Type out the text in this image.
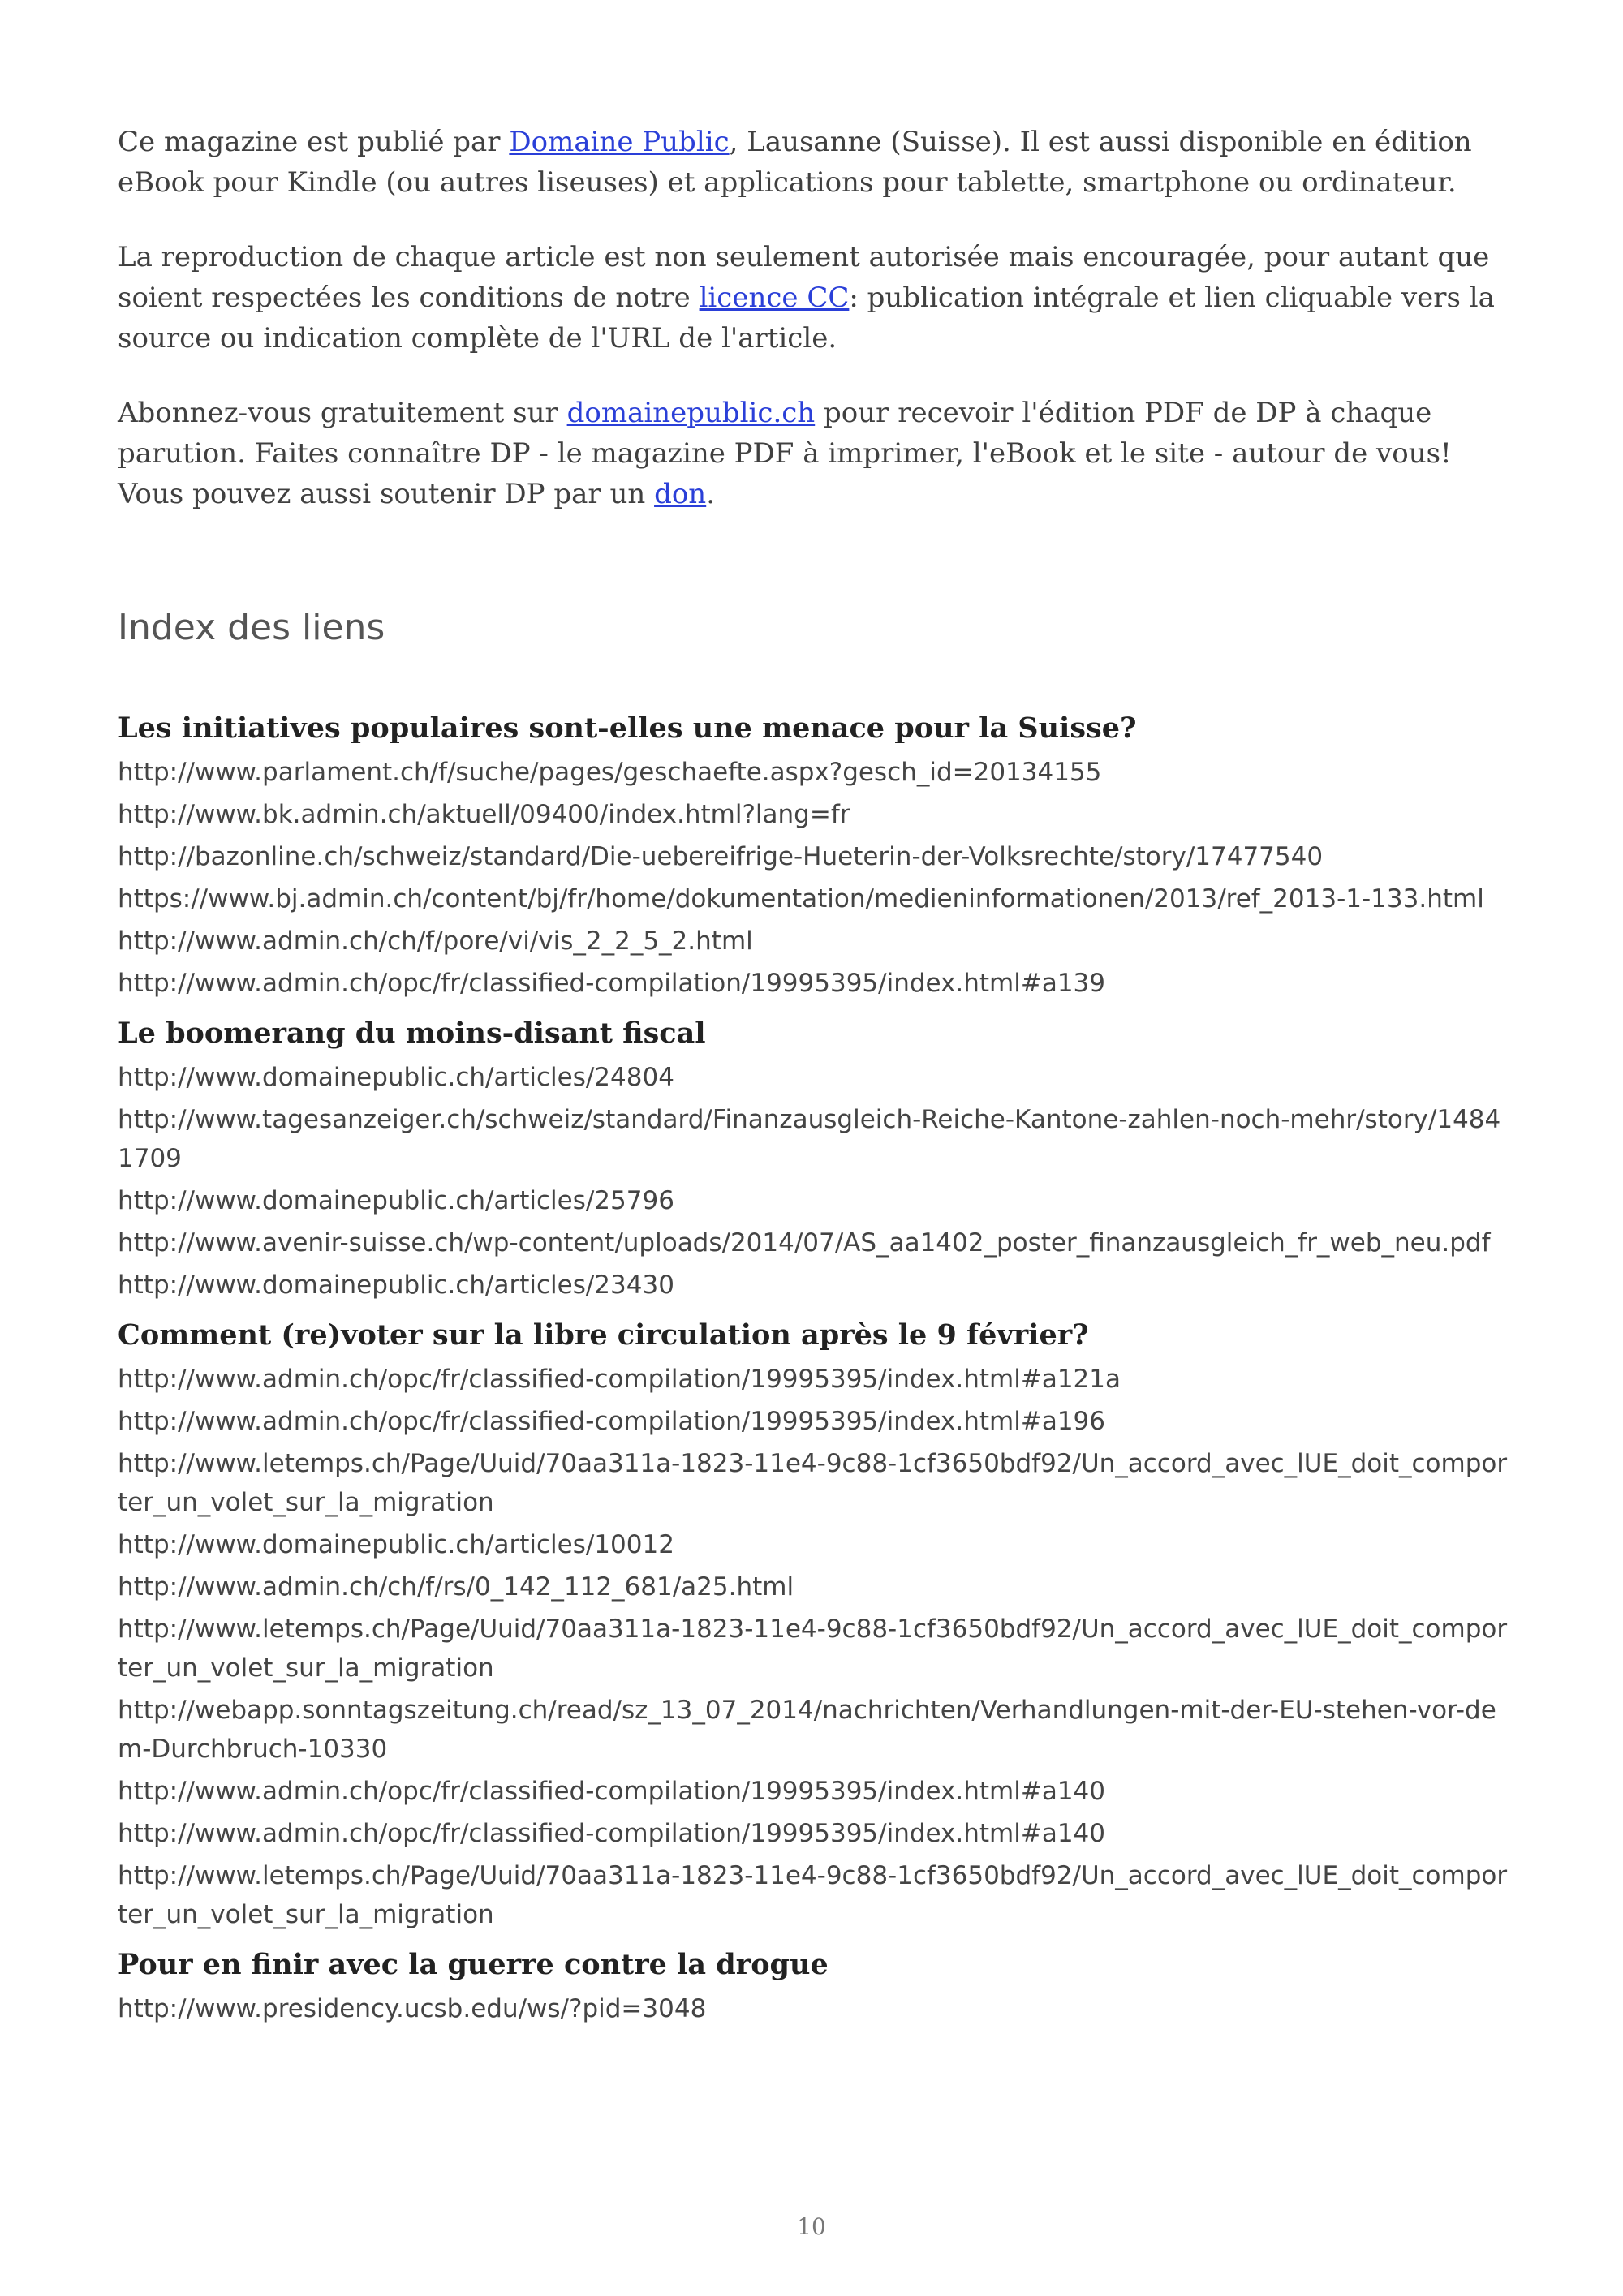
Ce magazine est publié par Domaine Public, Lausanne (Suisse). Il est aussi disponible en édition eBook pour Kindle (ou autres liseuses) et applications pour tablette, smartphone ou ordinateur.

La reproduction de chaque article est non seulement autorisée mais encouragée, pour autant que soient respectées les conditions de notre licence CC: publication intégrale et lien cliquable vers la source ou indication complète de l'URL de l'article.

Abonnez-vous gratuitement sur domainepublic.ch pour recevoir l'édition PDF de DP à chaque parution. Faites connaître DP - le magazine PDF à imprimer, l'eBook et le site - autour de vous! Vous pouvez aussi soutenir DP par un don.

Index des liens
Les initiatives populaires sont-elles une menace pour la Suisse?
http://www.parlament.ch/f/suche/pages/geschaefte.aspx?gesch_id=20134155
http://www.bk.admin.ch/aktuell/09400/index.html?lang=fr
http://bazonline.ch/schweiz/standard/Die-uebereifrige-Hueterin-der-Volksrechte/story/17477540
https://www.bj.admin.ch/content/bj/fr/home/dokumentation/medieninformationen/2013/ref_2013-1-133.html
http://www.admin.ch/ch/f/pore/vi/vis_2_2_5_2.html
http://www.admin.ch/opc/fr/classified-compilation/19995395/index.html#a139
Le boomerang du moins-disant fiscal
http://www.domainepublic.ch/articles/24804
http://www.tagesanzeiger.ch/schweiz/standard/Finanzausgleich-Reiche-Kantone-zahlen-noch-mehr/story/14841709
http://www.domainepublic.ch/articles/25796
http://www.avenir-suisse.ch/wp-content/uploads/2014/07/AS_aa1402_poster_finanzausgleich_fr_web_neu.pdf
http://www.domainepublic.ch/articles/23430
Comment (re)voter sur la libre circulation après le 9 février?
http://www.admin.ch/opc/fr/classified-compilation/19995395/index.html#a121a
http://www.admin.ch/opc/fr/classified-compilation/19995395/index.html#a196
http://www.letemps.ch/Page/Uuid/70aa311a-1823-11e4-9c88-1cf3650bdf92/Un_accord_avec_lUE_doit_comporter_un_volet_sur_la_migration
http://www.domainepublic.ch/articles/10012
http://www.admin.ch/ch/f/rs/0_142_112_681/a25.html
http://www.letemps.ch/Page/Uuid/70aa311a-1823-11e4-9c88-1cf3650bdf92/Un_accord_avec_lUE_doit_comporter_un_volet_sur_la_migration
http://webapp.sonntagszeitung.ch/read/sz_13_07_2014/nachrichten/Verhandlungen-mit-der-EU-stehen-vor-dem-Durchbruch-10330
http://www.admin.ch/opc/fr/classified-compilation/19995395/index.html#a140
http://www.admin.ch/opc/fr/classified-compilation/19995395/index.html#a140
http://www.letemps.ch/Page/Uuid/70aa311a-1823-11e4-9c88-1cf3650bdf92/Un_accord_avec_lUE_doit_comporter_un_volet_sur_la_migration
Pour en finir avec la guerre contre la drogue
http://www.presidency.ucsb.edu/ws/?pid=3048
10
